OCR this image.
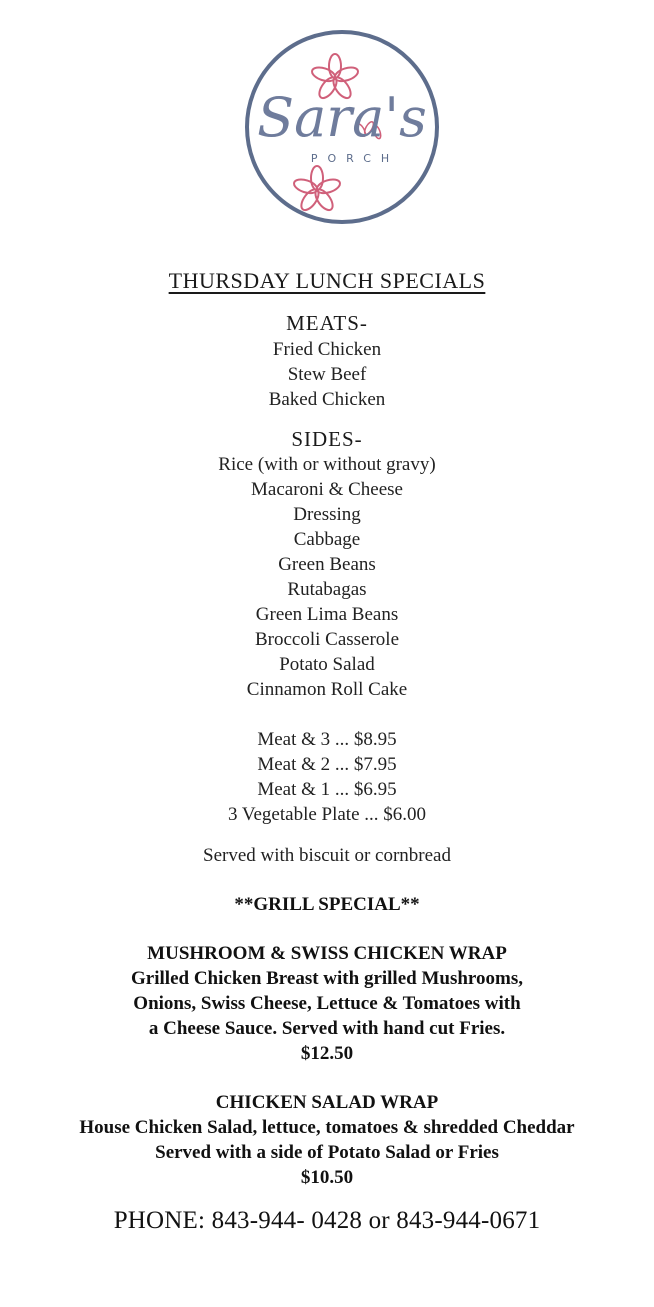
Sara's
PORCH
THURSDAY LUNCH SPECIALS
MEATS-
Fried Chicken
Stew Beef
Baked Chicken
SIDES-
Rice (with or without gravy)
Macaroni & Cheese
Dressing
Cabbage
Green Beans
Rutabagas
Green Lima Beans
Broccoli Casserole
Potato Salad
Cinnamon Roll Cake
Meat & 3 ... $8.95
Meat & 2 ... $7.95
Meat & 1 ... $6.95
3 Vegetable Plate ... $6.00
Served with biscuit or cornbread
**GRILL SPECIAL**
MUSHROOM & SWISS CHICKEN WRAP
Grilled Chicken Breast with grilled Mushrooms,
Onions, Swiss Cheese, Lettuce & Tomatoes with
a Cheese Sauce. Served with hand cut Fries.
$12.50
CHICKEN SALAD WRAP
House Chicken Salad, lettuce, tomatoes & shredded Cheddar
Served with a side of Potato Salad or Fries
$10.50
PHONE: 843-944- 0428 or 843-944-0671
